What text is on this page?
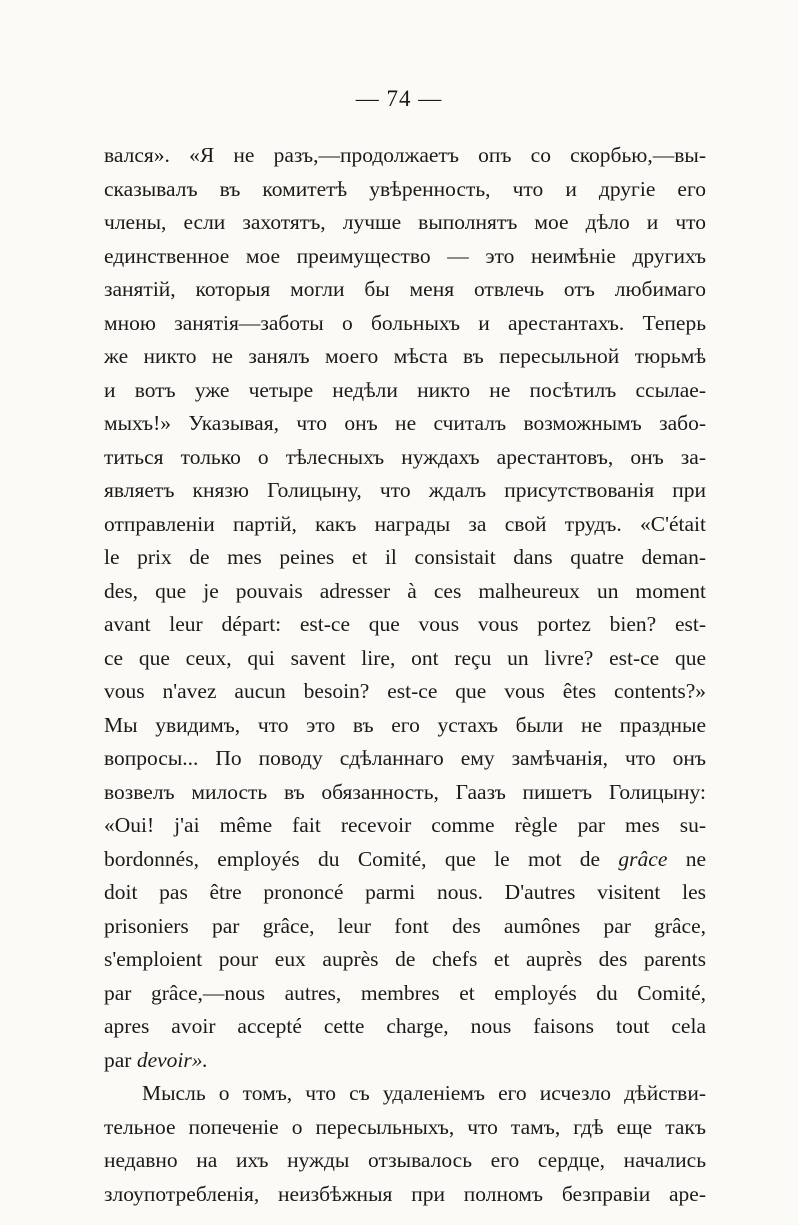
— 74 —
вался». «Я не разъ,—продолжаетъ опъ со скорбью,—вы-
сказывалъ въ комитетѣ увѣренность, что и другіе его
члены, если захотятъ, лучше выполнятъ мое дѣло и что
единственное мое преимущество — это неимѣніе другихъ
занятій, которыя могли бы меня отвлечь отъ любимаго
мною занятія—заботы о больныхъ и арестантахъ. Теперь
же никто не занялъ моего мѣста въ пересыльной тюрьмѣ
и вотъ уже четыре недѣли никто не посѣтилъ ссылае-
мыхъ!» Указывая, что онъ не считалъ возможнымъ забо-
титься только о тѣлесныхъ нуждахъ арестантовъ, онъ за-
являетъ князю Голицыну, что ждалъ присутствованія при
отправленіи партій, какъ награды за свой трудъ. «C'était
le prix de mes peines et il consistait dans quatre deman-
des, que je pouvais adresser à ces malheureux un moment
avant leur départ: est-ce que vous vous portez bien? est-
ce que ceux, qui savent lire, ont reçu un livre? est-ce que
vous n'avez aucun besoin? est-ce que vous êtes contents?»
Мы увидимъ, что это въ его устахъ были не праздные
вопросы... По поводу сдѣланнаго ему замѣчанія, что онъ
возвелъ милость въ обязанность, Гаазъ пишетъ Голицыну:
«Oui! j'ai même fait recevoir comme règle par mes su-
bordonnés, employés du Comité, que le mot de grâce ne
doit pas être prononcé parmi nous. D'autres visitent les
prisoniers par grâce, leur font des aumônes par grâce,
s'emploient pour eux auprès de chefs et auprès des parents
par grâce,—nous autres, membres et employés du Comité,
apres avoir accepté cette charge, nous faisons tout cela
par devoir».
Мысль о томъ, что съ удаленіемъ его исчезло дѣйстви-
тельное попеченіе о пересыльныхъ, что тамъ, гдѣ еще такъ
недавно на ихъ нужды отзывалось его сердце, начались
злоупотребленія, неизбѣжныя при полномъ безправіи аре-
